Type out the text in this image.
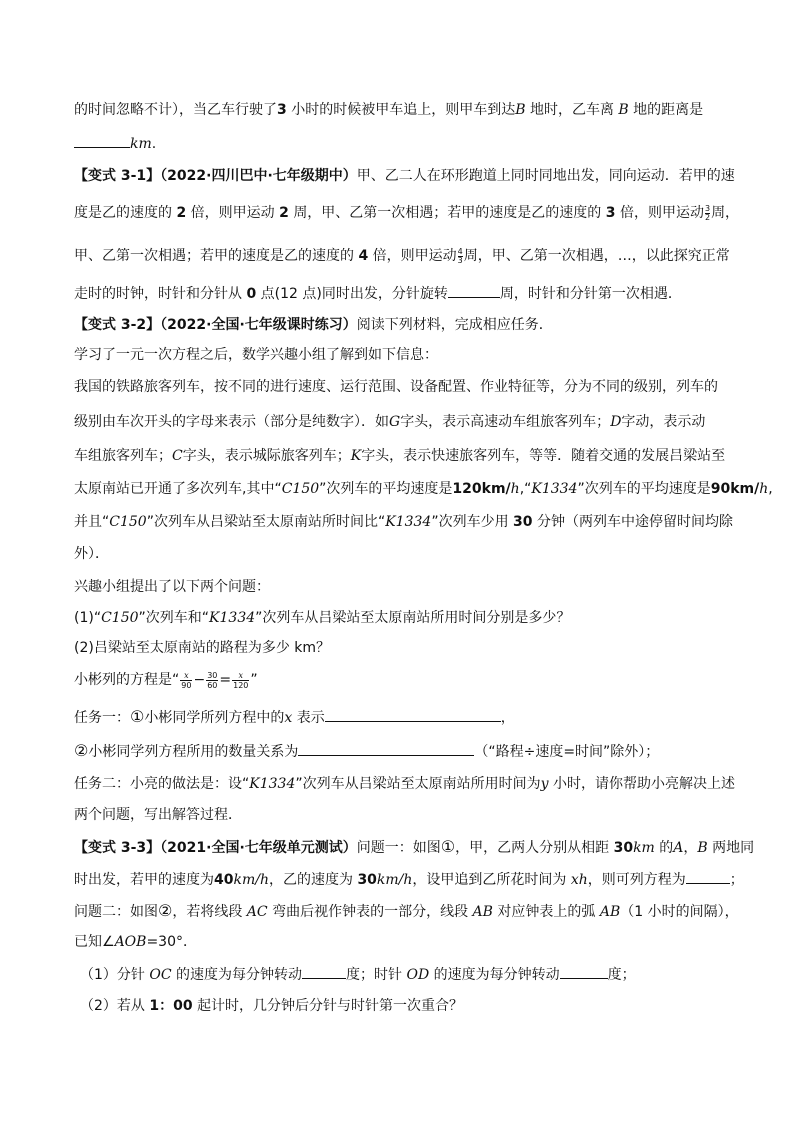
的时间忽略不计），当乙车行驶了3 小时的时候被甲车追上，则甲车到达B 地时，乙车离 B 地的距离是
km.
【变式 3-1】（2022·四川巴中·七年级期中）甲、乙二人在环形跑道上同时同地出发，同向运动．若甲的速
度是乙的速度的 2 倍，则甲运动 2 周，甲、乙第一次相遇；若甲的速度是乙的速度的 3 倍，则甲运动 $\frac{3}{2}$ 周，
甲、乙第一次相遇；若甲的速度是乙的速度的 4 倍，则甲运动 $\frac{4}{3}$ 周，甲、乙第一次相遇，…，以此探究正常
走时的时钟，时针和分针从 0 点(12 点)同时出发，分针旋转	周，时针和分针第一次相遇．
【变式 3-2】（2022·全国·七年级课时练习）阅读下列材料，完成相应任务．
学习了一元一次方程之后，数学兴趣小组了解到如下信息：
我国的铁路旅客列车，按不同的进行速度、运行范围、设备配置、作业特征等，分为不同的级别，列车的
级别由车次开头的字母来表示（部分是纯数字）．如G字头，表示高速动车组旅客列车；D字动，表示动
车组旅客列车；C字头，表示城际旅客列车；K字头，表示快速旅客列车，等等．随着交通的发展吕梁站至
太原南站已开通了多次列车,其中“C150”次列车的平均速度是120km/h,“K1334”次列车的平均速度是90km/h,
并且“C150”次列车从吕梁站至太原南站所时间比“K1334”次列车少用 30 分钟（两列车中途停留时间均除
外）．
兴趣小组提出了以下两个问题：
(1)“C150”次列车和“K1334”次列车从吕梁站至太原南站所用时间分别是多少？
(2)吕梁站至太原南站的路程为多少 km？
小彬列的方程是“ $\frac{x}{90} - \frac{30}{60} = \frac{x}{120}$ ”
任务一：①小彬同学所列方程中的x 表示	，
②小彬同学列方程所用的数量关系为	（“路程÷速度=时间”除外）；
任务二：小亮的做法是：设“K1334”次列车从吕梁站至太原南站所用时间为y 小时，请你帮助小亮解决上述
两个问题，写出解答过程．
【变式 3-3】（2021·全国·七年级单元测试）问题一：如图①，甲，乙两人分别从相距 30km 的A，B 两地同
时出发，若甲的速度为40km/h，乙的速度为 30km/h，设甲追到乙所花时间为 xh，则可列方程为	；
问题二：如图②，若将线段 AC 弯曲后视作钟表的一部分，线段 AB 对应钟表上的弧 AB（1 小时的间隔），
已知∠AOB=30°．
（1）分针 OC 的速度为每分钟转动	度；时针 OD 的速度为每分钟转动	度；
（2）若从 1：00 起计时，几分钟后分针与时针第一次重合？
